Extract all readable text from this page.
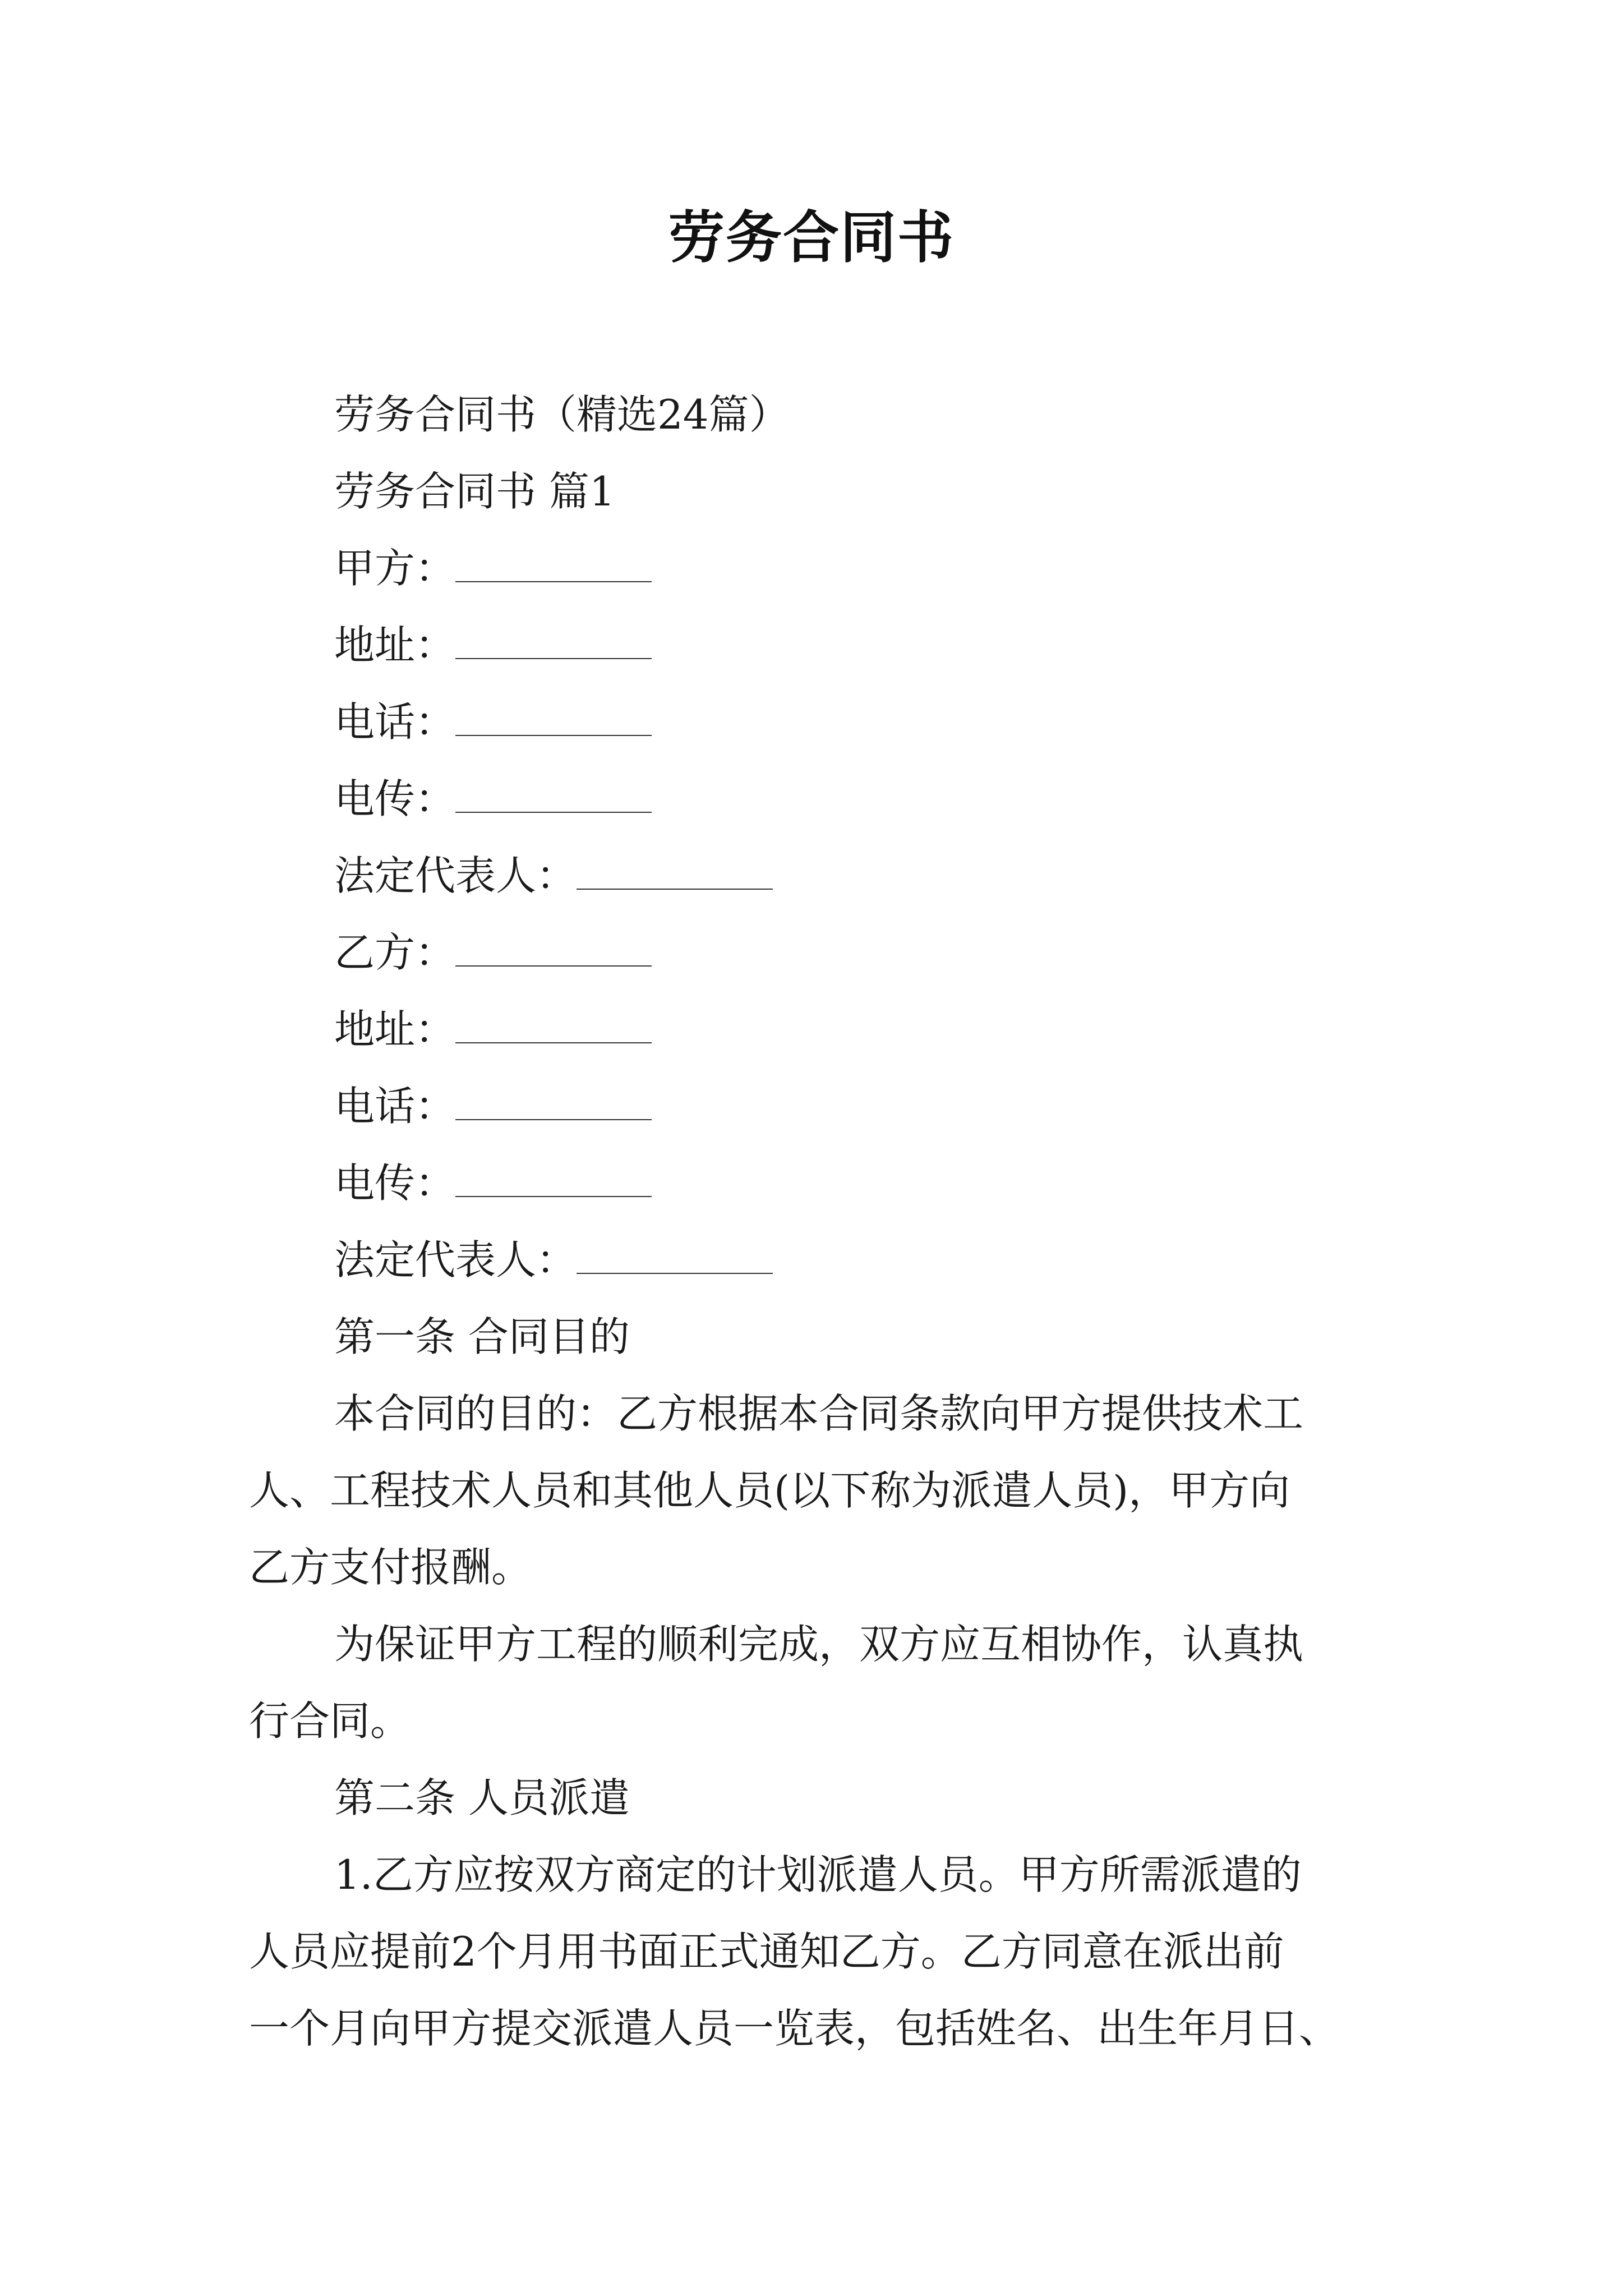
劳务合同书
劳务合同书（精选24篇）
劳务合同书 篇1
甲方：
地址：
电话：
电传：
法定代表人：
乙方：
地址：
电话：
电传：
法定代表人：
第一条 合同目的
本合同的目的：乙方根据本合同条款向甲方提供技术工
人、工程技术人员和其他人员(以下称为派遣人员)，甲方向
乙方支付报酬。
为保证甲方工程的顺利完成，双方应互相协作，认真执
行合同。
第二条 人员派遣
1.乙方应按双方商定的计划派遣人员。甲方所需派遣的
人员应提前2个月用书面正式通知乙方。乙方同意在派出前
一个月向甲方提交派遣人员一览表，包括姓名、出生年月日、
